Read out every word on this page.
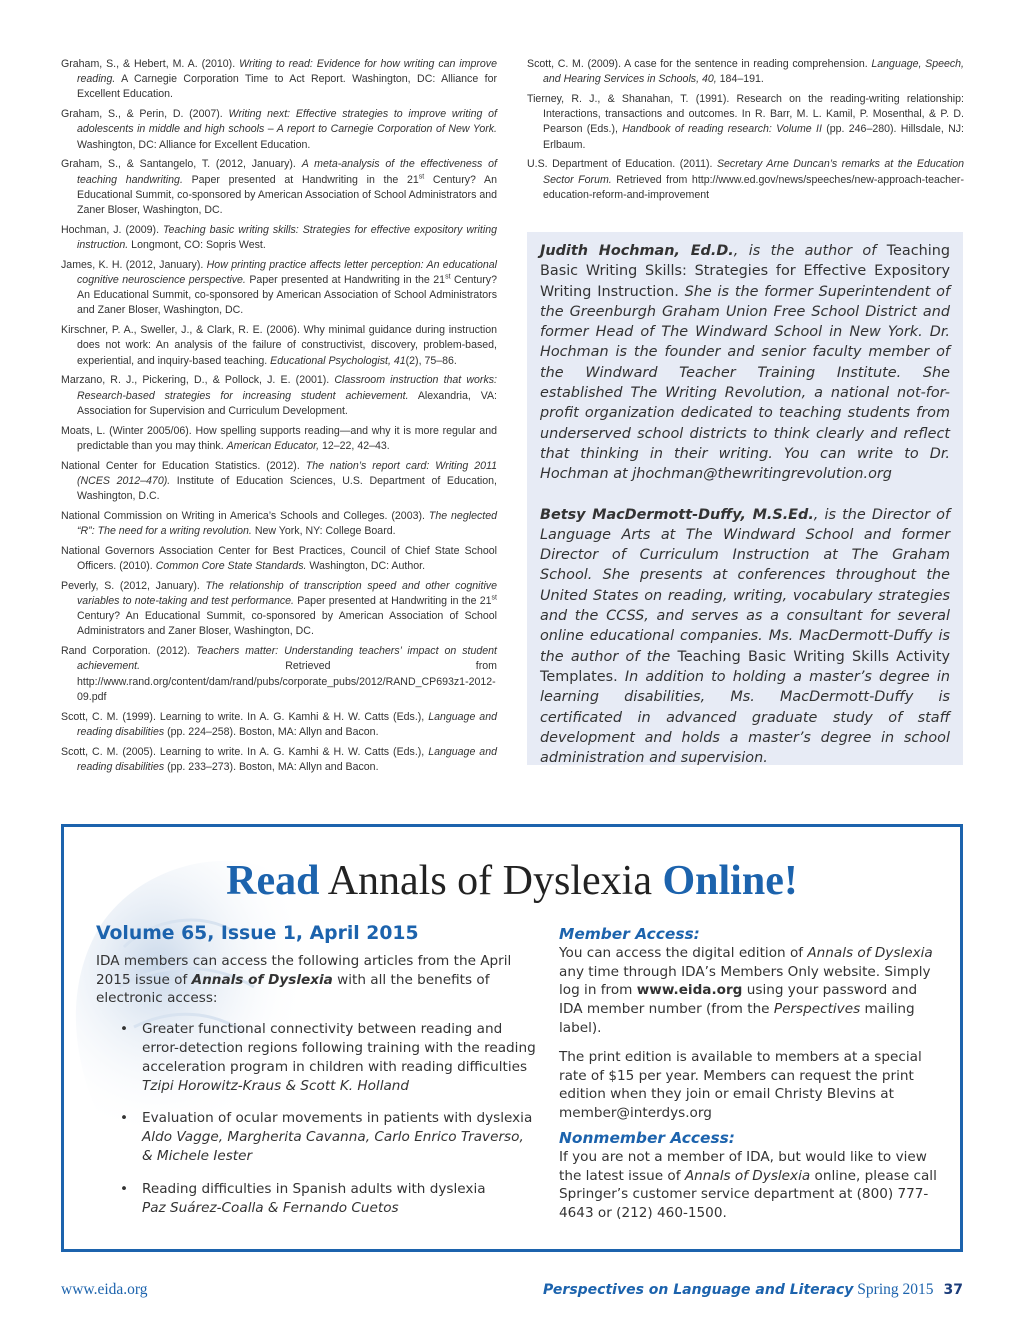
Graham, S., & Hebert, M. A. (2010). Writing to read: Evidence for how writing can improve reading. A Carnegie Corporation Time to Act Report. Washington, DC: Alliance for Excellent Education.

Graham, S., & Perin, D. (2007). Writing next: Effective strategies to improve writing of adolescents in middle and high schools – A report to Carnegie Corporation of New York. Washington, DC: Alliance for Excellent Education.

Graham, S., & Santangelo, T. (2012, January). A meta-analysis of the effectiveness of teaching handwriting. Paper presented at Handwriting in the 21st Century? An Educational Summit, co-sponsored by American Association of School Administrators and Zaner Bloser, Washington, DC.

Hochman, J. (2009). Teaching basic writing skills: Strategies for effective expository writing instruction. Longmont, CO: Sopris West.

James, K. H. (2012, January). How printing practice affects letter perception: An educational cognitive neuroscience perspective. Paper presented at Handwriting in the 21st Century? An Educational Summit, co-sponsored by American Association of School Administrators and Zaner Bloser, Washington, DC.

Kirschner, P. A., Sweller, J., & Clark, R. E. (2006). Why minimal guidance during instruction does not work: An analysis of the failure of constructivist, discovery, problem-based, experiential, and inquiry-based teaching. Educational Psychologist, 41(2), 75–86.

Marzano, R. J., Pickering, D., & Pollock, J. E. (2001). Classroom instruction that works: Research-based strategies for increasing student achievement. Alexandria, VA: Association for Supervision and Curriculum Development.

Moats, L. (Winter 2005/06). How spelling supports reading—and why it is more regular and predictable than you may think. American Educator, 12–22, 42–43.

National Center for Education Statistics. (2012). The nation’s report card: Writing 2011 (NCES 2012–470). Institute of Education Sciences, U.S. Department of Education, Washington, D.C.

National Commission on Writing in America’s Schools and Colleges. (2003). The neglected “R”: The need for a writing revolution. New York, NY: College Board.

National Governors Association Center for Best Practices, Council of Chief State School Officers. (2010). Common Core State Standards. Washington, DC: Author.

Peverly, S. (2012, January). The relationship of transcription speed and other cognitive variables to note-taking and test performance. Paper presented at Handwriting in the 21st Century? An Educational Summit, co-sponsored by American Association of School Administrators and Zaner Bloser, Washington, DC.

Rand Corporation. (2012). Teachers matter: Understanding teachers’ impact on student achievement. Retrieved from http://www.rand.org/content/dam/rand/pubs/corporate_pubs/2012/RAND_CP693z1-2012-09.pdf

Scott, C. M. (1999). Learning to write. In A. G. Kamhi & H. W. Catts (Eds.), Language and reading disabilities (pp. 224–258). Boston, MA: Allyn and Bacon.

Scott, C. M. (2005). Learning to write. In A. G. Kamhi & H. W. Catts (Eds.), Language and reading disabilities (pp. 233–273). Boston, MA: Allyn and Bacon.

Scott, C. M. (2009). A case for the sentence in reading comprehension. Language, Speech, and Hearing Services in Schools, 40, 184–191.

Tierney, R. J., & Shanahan, T. (1991). Research on the reading-writing relationship: Interactions, transactions and outcomes. In R. Barr, M. L. Kamil, P. Mosenthal, & P. D. Pearson (Eds.), Handbook of reading research: Volume II (pp. 246–280). Hillsdale, NJ: Erlbaum.

U.S. Department of Education. (2011). Secretary Arne Duncan’s remarks at the Education Sector Forum. Retrieved from http://www.ed.gov/news/speeches/new-approach-teacher-education-reform-and-improvement

Judith Hochman, Ed.D., is the author of Teaching Basic Writing Skills: Strategies for Effective Expository Writing Instruction. She is the former Superintendent of the Greenburgh Graham Union Free School District and former Head of The Windward School in New York. Dr. Hochman is the founder and senior faculty member of the Windward Teacher Training Institute. She established The Writing Revolution, a national not-for-profit organization dedicated to teaching students from underserved school districts to think clearly and reflect that thinking in their writing. You can write to Dr. Hochman at jhochman@thewritingrevolution.org

Betsy MacDermott-Duffy, M.S.Ed., is the Director of Language Arts at The Windward School and former Director of Curriculum Instruction at The Graham School. She presents at conferences throughout the United States on reading, writing, vocabulary strategies and the CCSS, and serves as a consultant for several online educational companies. Ms. MacDermott-Duffy is the author of the Teaching Basic Writing Skills Activity Templates. In addition to holding a master’s degree in learning disabilities, Ms. MacDermott-Duffy is certificated in advanced graduate study of staff development and holds a master’s degree in school administration and supervision.

Read Annals of Dyslexia Online!
Volume 65, Issue 1, April 2015
IDA members can access the following articles from the April 2015 issue of Annals of Dyslexia with all the benefits of electronic access:
• Greater functional connectivity between reading and error-detection regions following training with the reading acceleration program in children with reading difficulties
Tzipi Horowitz-Kraus & Scott K. Holland
• Evaluation of ocular movements in patients with dyslexia
Aldo Vagge, Margherita Cavanna, Carlo Enrico Traverso, & Michele Iester
• Reading difficulties in Spanish adults with dyslexia
Paz Suárez-Coalla & Fernando Cuetos
Member Access:

You can access the digital edition of Annals of Dyslexia any time through IDA’s Members Only website. Simply log in from www.eida.org using your password and IDA member number (from the Perspectives mailing label).

The print edition is available to members at a special rate of $15 per year. Members can request the print edition when they join or email Christy Blevins at member@interdys.org

Nonmember Access:

If you are not a member of IDA, but would like to view the latest issue of Annals of Dyslexia online, please call Springer’s customer service department at (800) 777-4643 or (212) 460-1500.

www.eida.org	Perspectives on Language and Literacy Spring 2015 37
